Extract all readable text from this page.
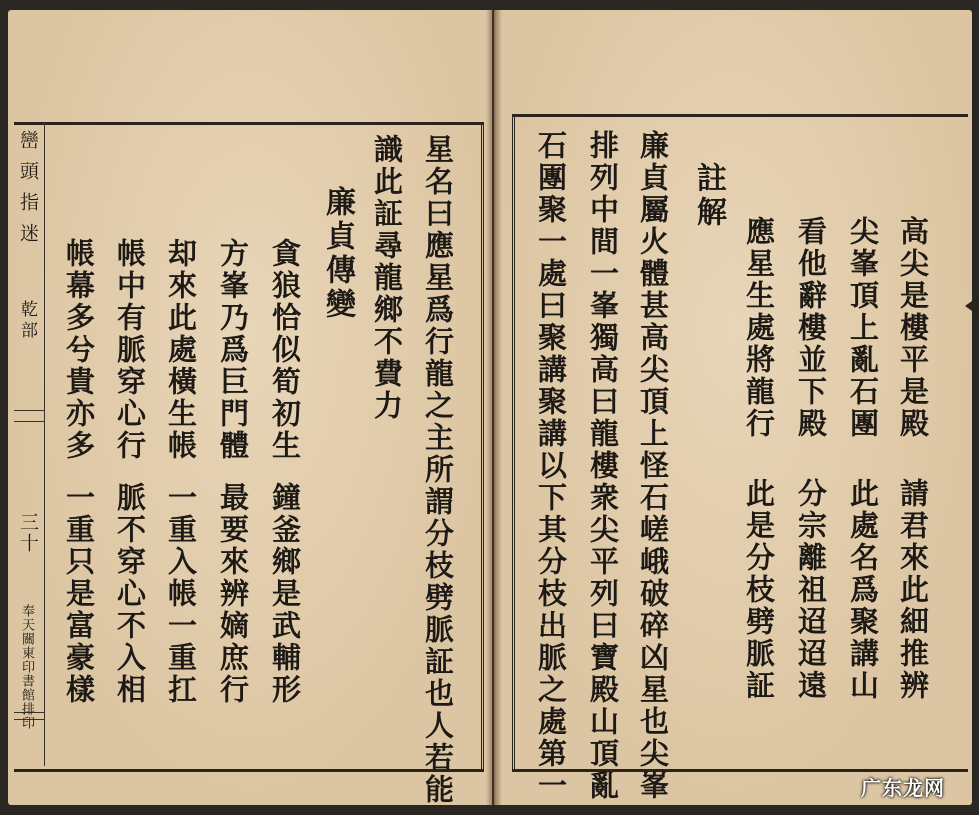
巒頭指迷
乾部
三十
奉天關東印書館排印
高尖是樓平是殿
尖峯頂上亂石團
看他辭樓並下殿
應星生處將龍行
請君來此細推辨
此處名爲聚講山
分宗離祖迢迢遠
此是分枝劈脈証
註解
廉貞屬火體甚高尖頂上怪石嵯峨破碎凶星也尖峯
排列中間一峯獨高曰龍樓衆尖平列曰寶殿山頂亂
石團聚一處曰聚講聚講以下其分枝出脈之處第一
星名曰應星爲行龍之主所謂分枝劈脈証也人若能
識此証尋龍鄉不費力
廉貞傳變
貪狼恰似筍初生
方峯乃爲巨門體
却來此處橫生帳
帳中有脈穿心行
帳幕多兮貴亦多
鐘釜鄉是武輔形
最要來辨嫡庶行
一重入帳一重扛
脈不穿心不入相
一重只是富豪樣
广东龙网
